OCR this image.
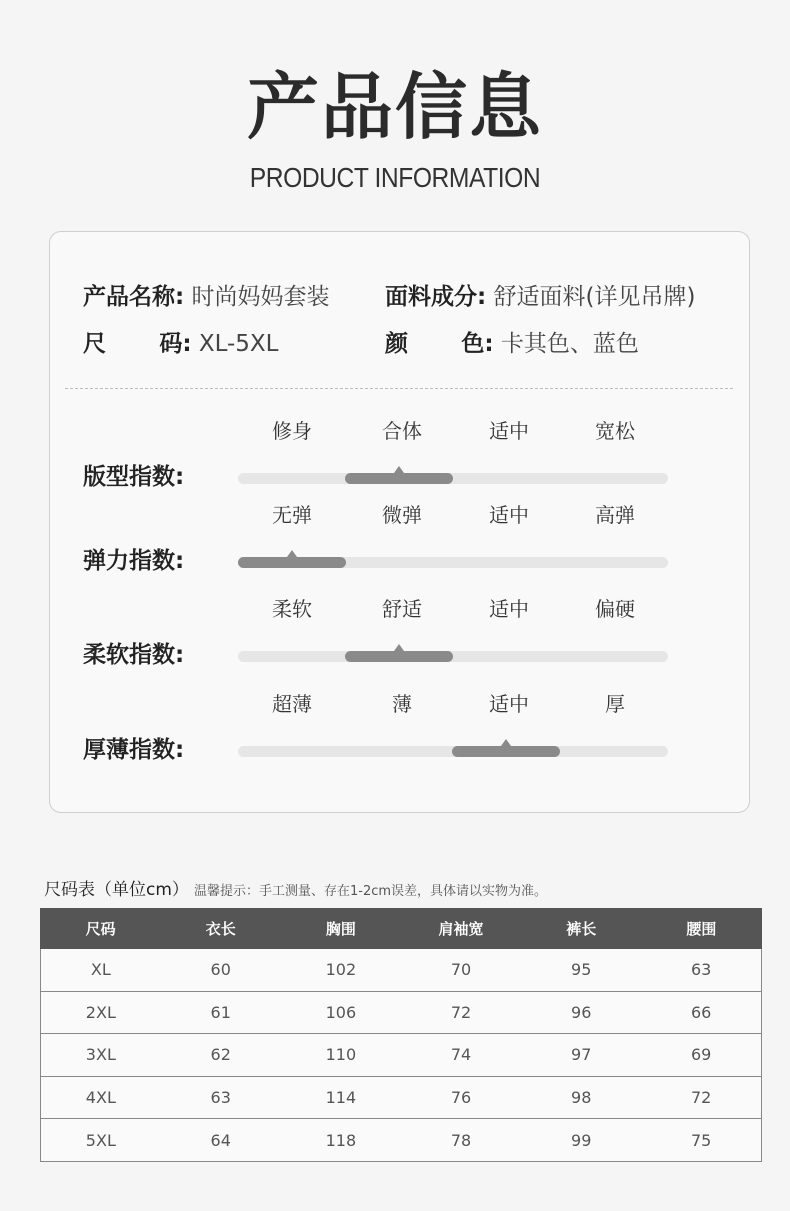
产品信息
PRODUCT INFORMATION
产品名称: 时尚妈妈套装 面料成分: 舒适面料(详见吊牌)
尺 码: XL-5XL	颜 色: 卡其色、蓝色
版型指数:
修身	合体	适中	宽松
弹力指数:
无弹	微弹	适中	高弹
柔软指数:
柔软	舒适	适中	偏硬
厚薄指数:
超薄	薄	适中	厚
尺码表（单位cm） 温馨提示：手工测量、存在1-2cm误差，具体请以实物为准。
尺码	衣长	胸围	肩袖宽	裤长	腰围
XL	60	102	70	95	63
2XL	61	106	72	96	66
3XL	62	110	74	97	69
4XL	63	114	76	98	72
5XL	64	118	78	99	75
